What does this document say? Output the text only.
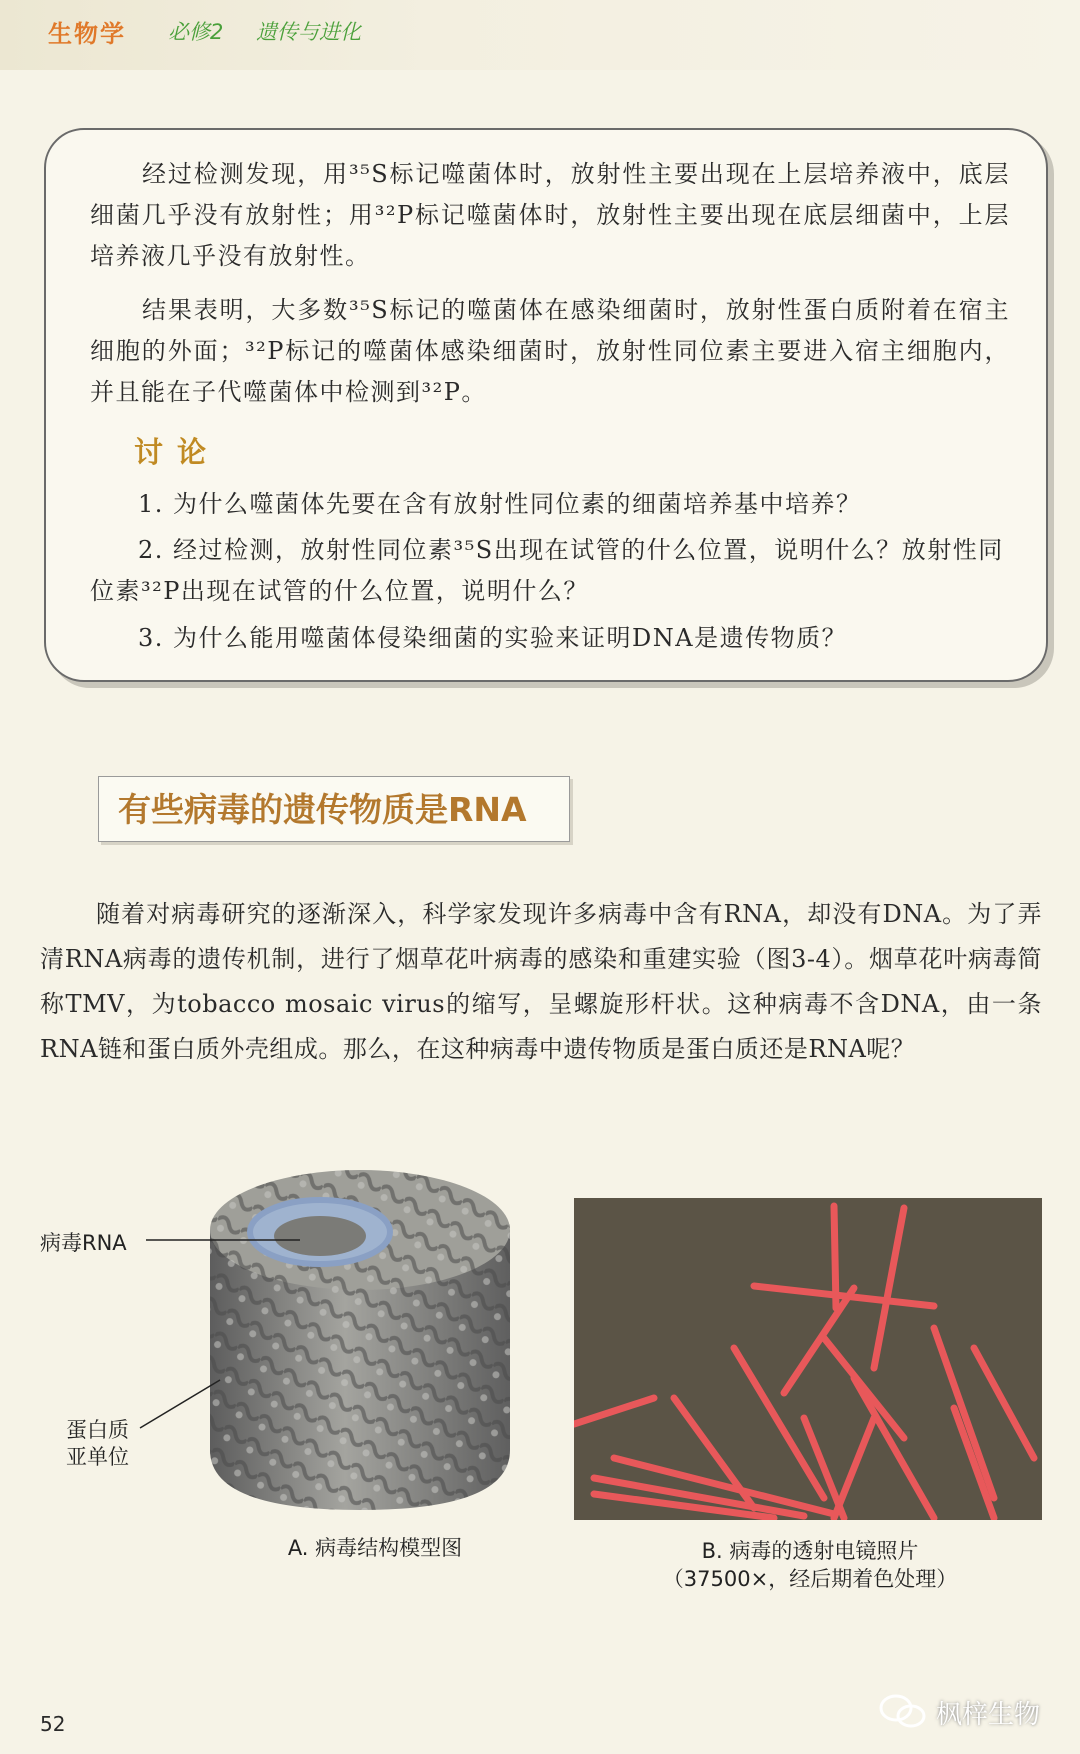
生物学 必修2 遗传与进化
经过检测发现，用³⁵S标记噬菌体时，放射性主要出现在上层培养液中，底层细菌几乎没有放射性；用³²P标记噬菌体时，放射性主要出现在底层细菌中，上层培养液几乎没有放射性。
结果表明，大多数³⁵S标记的噬菌体在感染细菌时，放射性蛋白质附着在宿主细胞的外面；³²P标记的噬菌体感染细菌时，放射性同位素主要进入宿主细胞内，并且能在子代噬菌体中检测到³²P。
讨论
1. 为什么噬菌体先要在含有放射性同位素的细菌培养基中培养？
2. 经过检测，放射性同位素³⁵S出现在试管的什么位置，说明什么？放射性同位素³²P出现在试管的什么位置，说明什么？
3. 为什么能用噬菌体侵染细菌的实验来证明DNA是遗传物质？
有些病毒的遗传物质是RNA
随着对病毒研究的逐渐深入，科学家发现许多病毒中含有RNA，却没有DNA。为了弄清RNA病毒的遗传机制，进行了烟草花叶病毒的感染和重建实验（图3-4）。烟草花叶病毒简称TMV，为tobacco mosaic virus的缩写，呈螺旋形杆状。这种病毒不含DNA，由一条RNA链和蛋白质外壳组成。那么，在这种病毒中遗传物质是蛋白质还是RNA呢？
病毒RNA
蛋白质
亚单位
A. 病毒结构模型图	B. 病毒的透射电镜照片
（37500×，经后期着色处理）
52	枫梓生物
